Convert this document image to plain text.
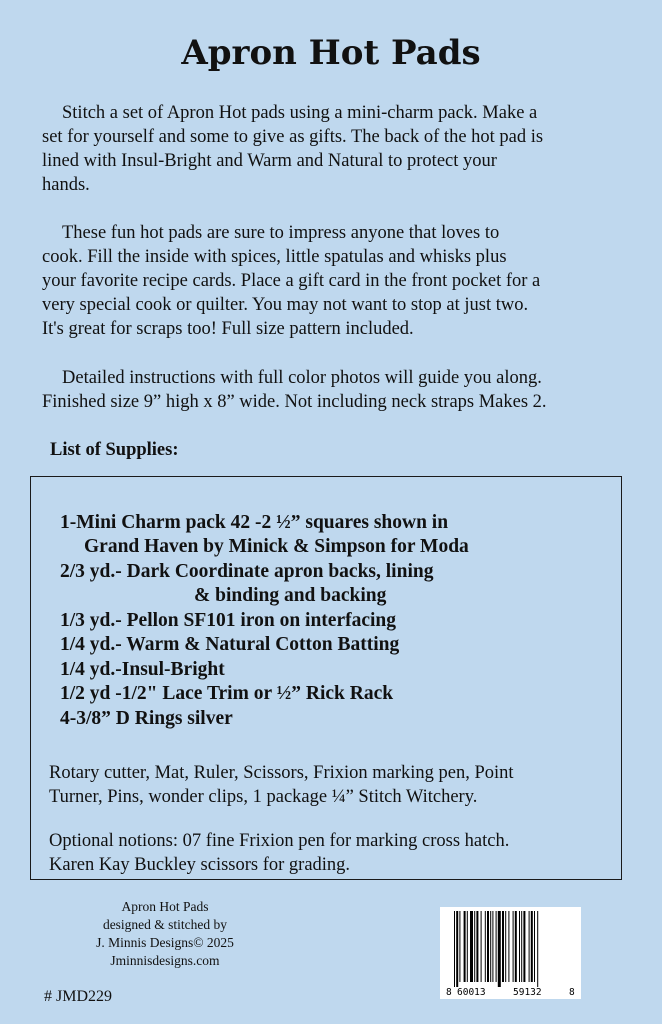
Apron Hot Pads

Stitch a set of Apron Hot pads using a mini-charm pack. Make a
set for yourself and some to give as gifts. The back of the hot pad is
lined with Insul-Bright and Warm and Natural to protect your
hands.

These fun hot pads are sure to impress anyone that loves to
cook. Fill the inside with spices, little spatulas and whisks plus
your favorite recipe cards. Place a gift card in the front pocket for a
very special cook or quilter. You may not want to stop at just two.
It's great for scraps too! Full size pattern included.

Detailed instructions with full color photos will guide you along.
Finished size 9” high x 8” wide. Not including neck straps Makes 2.

List of Supplies:
1-Mini Charm pack 42 -2 ½” squares shown in
Grand Haven by Minick & Simpson for Moda
2/3 yd.- Dark Coordinate apron backs, lining
& binding and backing
1/3 yd.- Pellon SF101 iron on interfacing
1/4 yd.- Warm & Natural Cotton Batting
1/4 yd.-Insul-Bright
1/2 yd -1/2" Lace Trim or ½” Rick Rack
4-3/8” D Rings silver
Rotary cutter, Mat, Ruler, Scissors, Frixion marking pen, Point
Turner, Pins, wonder clips, 1 package ¼” Stitch Witchery.
Optional notions: 07 fine Frixion pen for marking cross hatch.
Karen Kay Buckley scissors for grading.
Apron Hot Pads
designed & stitched by
J. Minnis Designs© 2025
Jminnisdesigns.com
# JMD229	8 60013	59132	8
